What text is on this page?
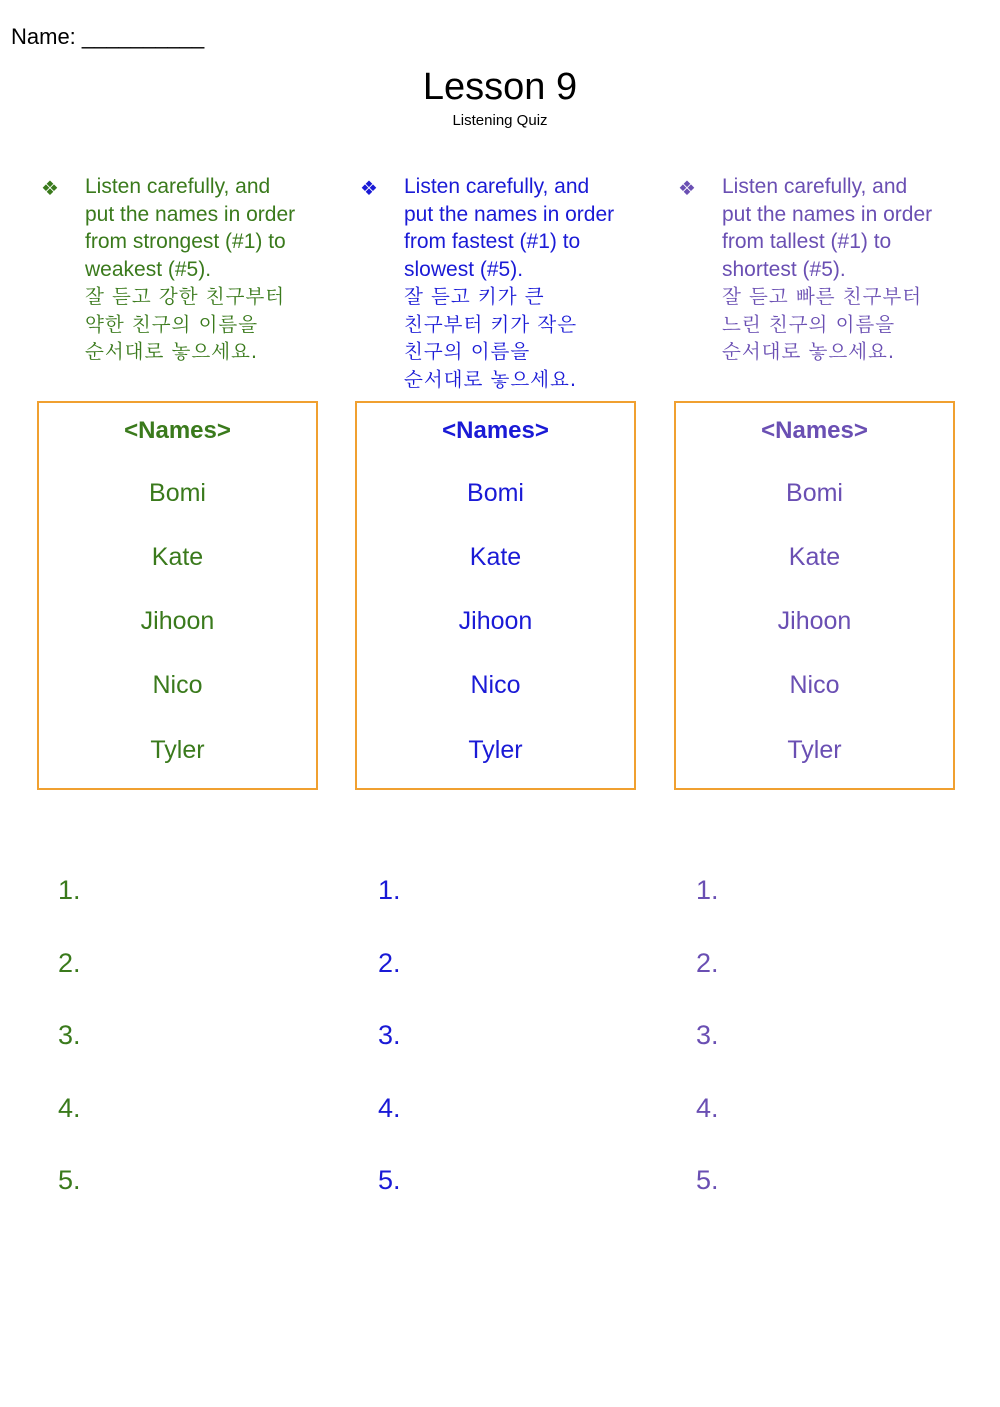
Name: __________
Lesson 9
Listening Quiz
❖ Listen carefully, and
put the names in order
from strongest (#1) to
weakest (#5).
잘 듣고 강한 친구부터
약한 친구의 이름을
순서대로 놓으세요.
<Names>
Bomi
Kate
Jihoon
Nico
Tyler
1.
2.
3.
4.
5.
❖ Listen carefully, and
put the names in order
from fastest (#1) to
slowest (#5).
잘 듣고 키가 큰
친구부터 키가 작은
친구의 이름을
순서대로 놓으세요.
<Names>
Bomi
Kate
Jihoon
Nico
Tyler
1.
2.
3.
4.
5.
❖ Listen carefully, and
put the names in order
from tallest (#1) to
shortest (#5).
잘 듣고 빠른 친구부터
느린 친구의 이름을
순서대로 놓으세요.
<Names>
Bomi
Kate
Jihoon
Nico
Tyler
1.
2.
3.
4.
5.
